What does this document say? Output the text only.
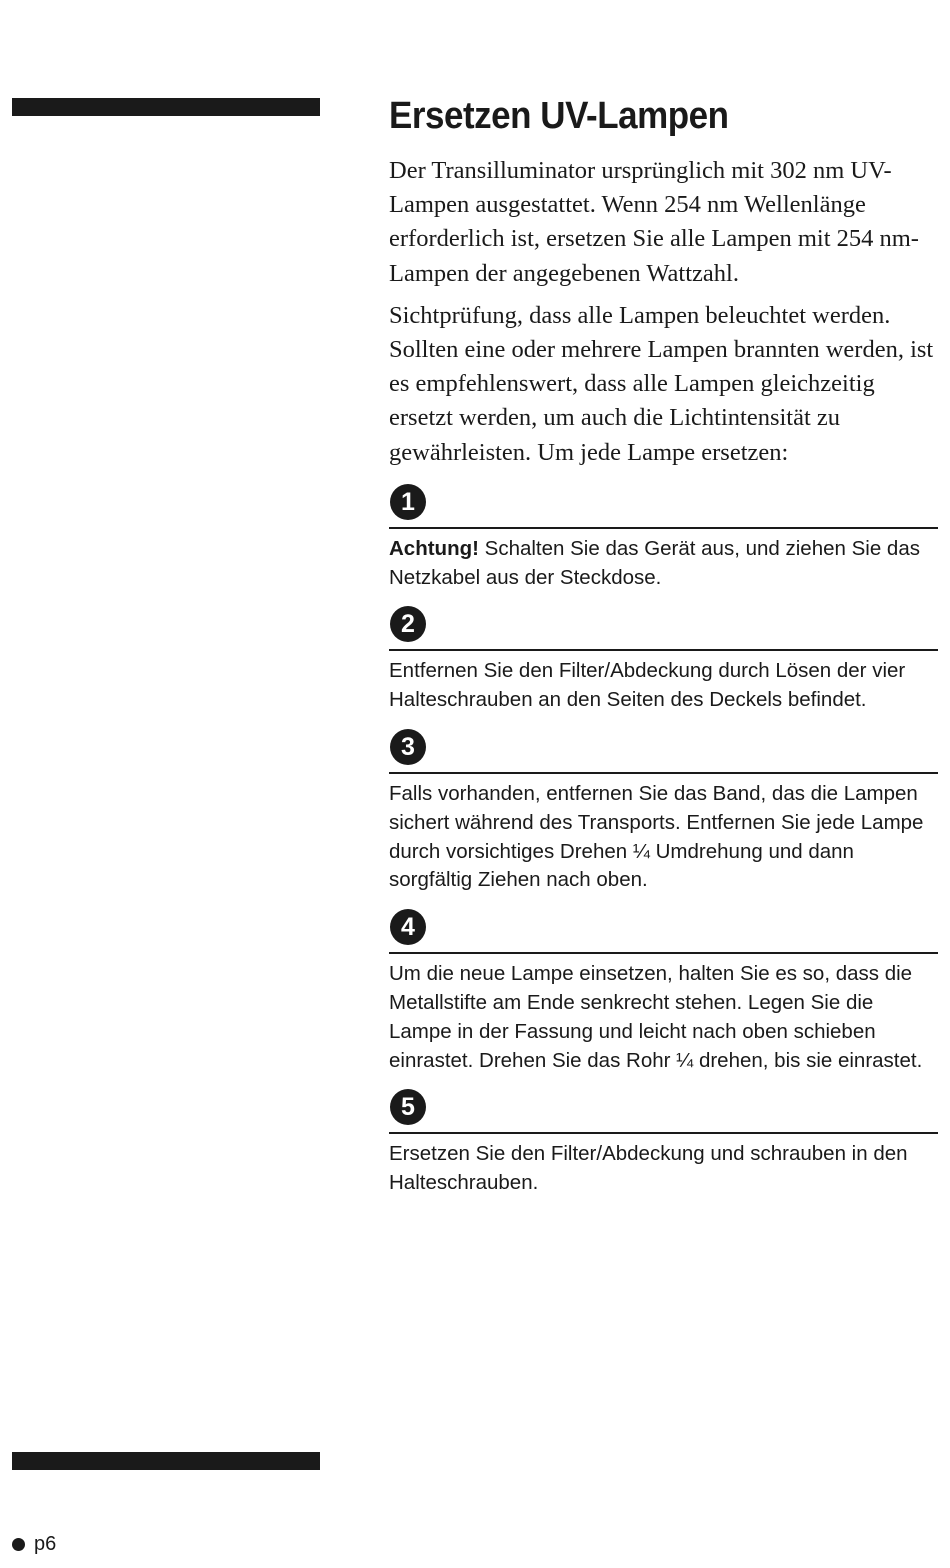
Ersetzen UV-Lampen

Der Transilluminator ursprünglich mit 302 nm UV-Lampen ausgestattet. Wenn 254 nm Wellenlänge erforderlich ist, ersetzen Sie alle Lampen mit 254 nm-Lampen der angegebenen Wattzahl.

Sichtprüfung, dass alle Lampen beleuchtet werden. Sollten eine oder mehrere Lampen brannten werden, ist es empfehlenswert, dass alle Lampen gleichzeitig ersetzt werden, um auch die Lichtintensität zu gewährleisten. Um jede Lampe ersetzen:

1
Achtung! Schalten Sie das Gerät aus, und ziehen Sie das Netzkabel aus der Steckdose.
2
Entfernen Sie den Filter/Abdeckung durch Lösen der vier Halteschrauben an den Seiten des Deckels befindet.
3
Falls vorhanden, entfernen Sie das Band, das die Lampen sichert während des Transports. Entfernen Sie jede Lampe durch vorsichtiges Drehen ¼ Umdrehung und dann sorgfältig Ziehen nach oben.
4
Um die neue Lampe einsetzen, halten Sie es so, dass die Metallstifte am Ende senkrecht stehen. Legen Sie die Lampe in der Fassung und leicht nach oben schieben einrastet. Drehen Sie das Rohr ¼ drehen, bis sie einrastet.
5
Ersetzen Sie den Filter/Abdeckung und schrauben in den Halteschrauben.
p6
